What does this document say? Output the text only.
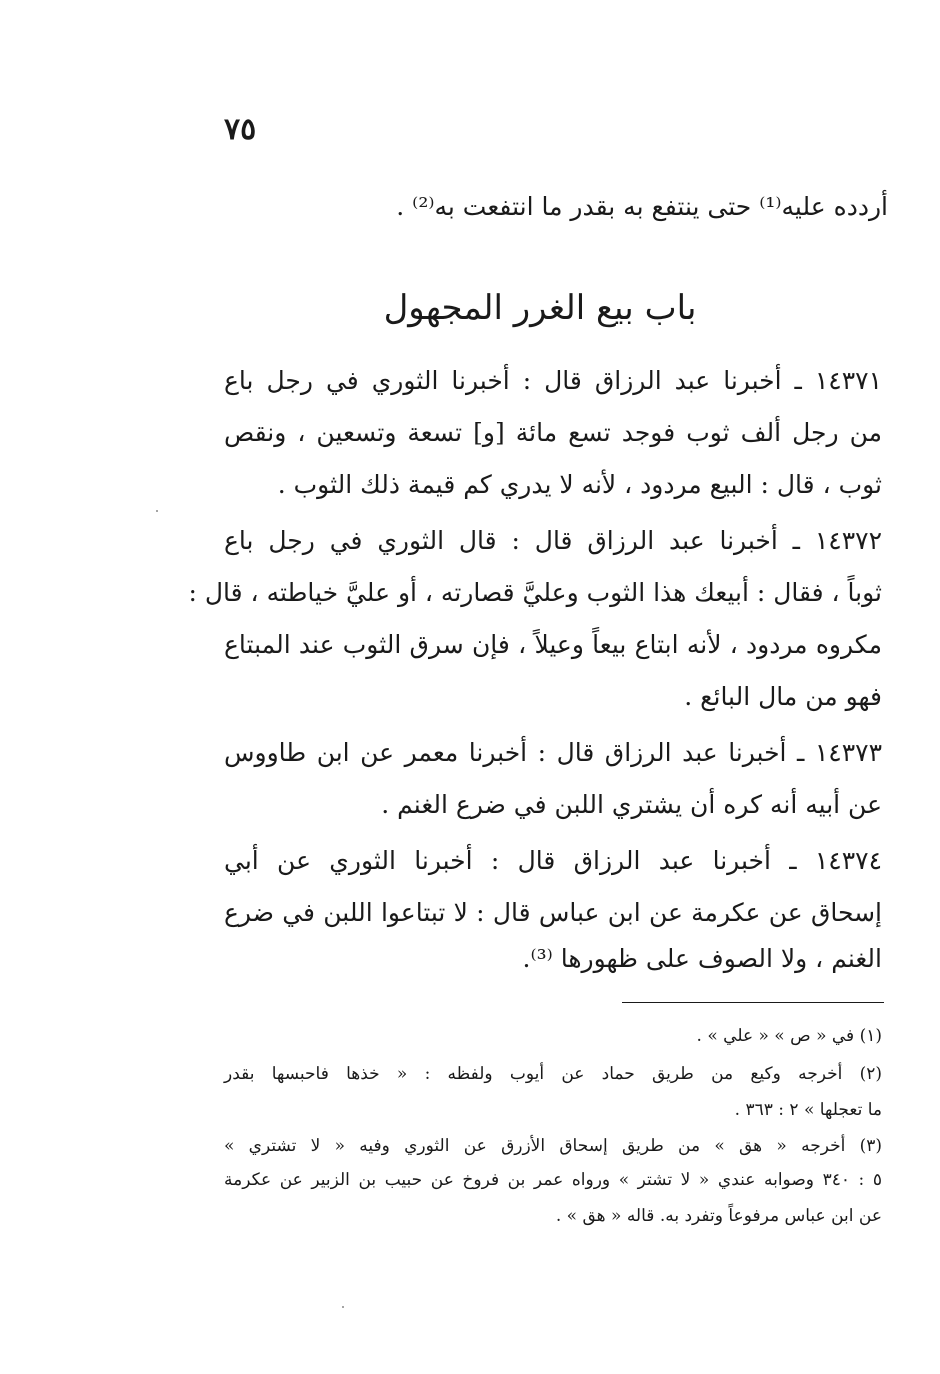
٧٥
أردده عليه⁽¹⁾ حتى ينتفع به بقدر ما انتفعت به⁽²⁾ .
باب بيع الغرر المجهول
١٤٣٧١ ـ أخبرنا عبد الرزاق قال : أخبرنا الثوري في رجل باع
من رجل ألف ثوب فوجد تسع مائة [و] تسعة وتسعين ، ونقص
ثوب ، قال : البيع مردود ، لأنه لا يدري كم قيمة ذلك الثوب .
١٤٣٧٢ ـ أخبرنا عبد الرزاق قال : قال الثوري في رجل باع
ثوباً ، فقال : أبيعك هذا الثوب وعليَّ قصارته ، أو عليَّ خياطته ، قال :
مكروه مردود ، لأنه ابتاع بيعاً وعيلاً ، فإن سرق الثوب عند المبتاع
فهو من مال البائع .
١٤٣٧٣ ـ أخبرنا عبد الرزاق قال : أخبرنا معمر عن ابن طاووس
عن أبيه أنه كره أن يشتري اللبن في ضرع الغنم .
١٤٣٧٤ ـ أخبرنا عبد الرزاق قال : أخبرنا الثوري عن أبي
إسحاق عن عكرمة عن ابن عباس قال : لا تبتاعوا اللبن في ضرع
الغنم ، ولا الصوف على ظهورها ⁽³⁾.
(١) في « ص » « علي » .
(٢) أخرجه وكيع من طريق حماد عن أيوب ولفظه : « خذها فاحبسها بقدر
ما تعجلها » ٢ : ٣٦٣ .
(٣) أخرجه « هق » من طريق إسحاق الأزرق عن الثوري وفيه « لا تشتري »
٥ : ٣٤٠ وصوابه عندي « لا تشتر » ورواه عمر بن فروخ عن حبيب بن الزبير عن عكرمة
عن ابن عباس مرفوعاً وتفرد به. قاله « هق » .
